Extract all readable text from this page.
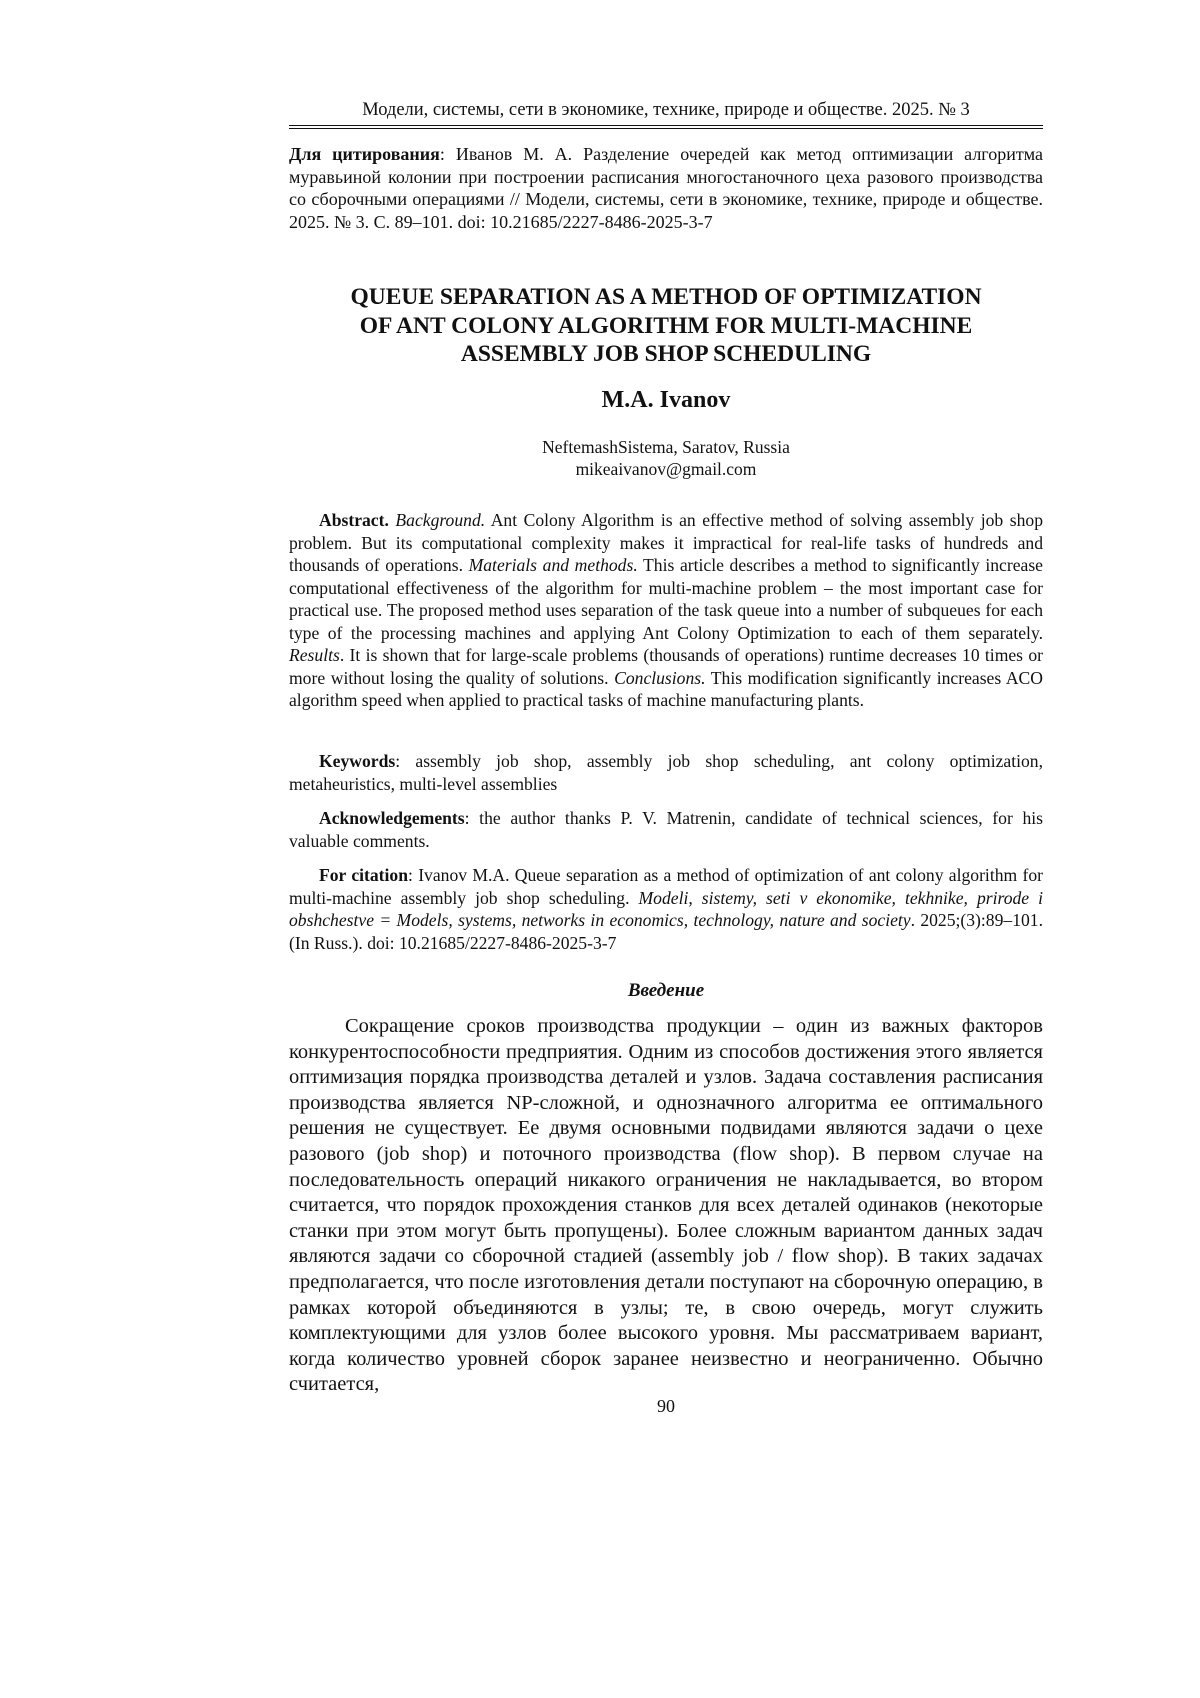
Модели, системы, сети в экономике, технике, природе и обществе. 2025. № 3
Для цитирования: Иванов М. А. Разделение очередей как метод оптимизации алгоритма муравьиной колонии при построении расписания многостаночного цеха разового производства со сборочными операциями // Модели, системы, сети в экономике, технике, природе и обществе. 2025. № 3. С. 89–101. doi: 10.21685/2227-8486-2025-3-7
QUEUE SEPARATION AS A METHOD OF OPTIMIZATION
OF ANT COLONY ALGORITHM FOR MULTI-MACHINE
ASSEMBLY JOB SHOP SCHEDULING
M.A. Ivanov
NeftemashSistema, Saratov, Russia
mikeaivanov@gmail.com

Abstract. Background. Ant Colony Algorithm is an effective method of solving assembly job shop problem. But its computational complexity makes it impractical for real-life tasks of hundreds and thousands of operations. Materials and methods. This article describes a method to significantly increase computational effectiveness of the algorithm for multi-machine problem – the most important case for practical use. The proposed method uses separation of the task queue into a number of subqueues for each type of the processing machines and applying Ant Colony Optimization to each of them separately. Results. It is shown that for large-scale problems (thousands of operations) runtime decreases 10 times or more without losing the quality of solutions. Conclusions. This modification significantly increases ACO algorithm speed when applied to practical tasks of machine manufacturing plants.

Keywords: assembly job shop, assembly job shop scheduling, ant colony optimization, metaheuristics, multi-level assemblies

Acknowledgements: the author thanks P. V. Matrenin, candidate of technical sciences, for his valuable comments.

For citation: Ivanov M.A. Queue separation as a method of optimization of ant colony algorithm for multi-machine assembly job shop scheduling. Modeli, sistemy, seti v ekonomike, tekhnike, prirode i obshchestve = Models, systems, networks in economics, technology, nature and society. 2025;(3):89–101. (In Russ.). doi: 10.21685/2227-8486-2025-3-7

Введение

Сокращение сроков производства продукции – один из важных факторов конкурентоспособности предприятия. Одним из способов достижения этого является оптимизация порядка производства деталей и узлов. Задача составления расписания производства является NP-сложной, и однозначного алгоритма ее оптимального решения не существует. Ее двумя основными подвидами являются задачи о цехе разового (job shop) и поточного производства (flow shop). В первом случае на последовательность операций никакого ограничения не накладывается, во втором считается, что порядок прохождения станков для всех деталей одинаков (некоторые станки при этом могут быть пропущены). Более сложным вариантом данных задач являются задачи со сборочной стадией (assembly job / flow shop). В таких задачах предполагается, что после изготовления детали поступают на сборочную операцию, в рамках которой объединяются в узлы; те, в свою очередь, могут служить комплектующими для узлов более высокого уровня. Мы рассматриваем вариант, когда количество уровней сборок заранее неизвестно и неограниченно. Обычно считается,

90
